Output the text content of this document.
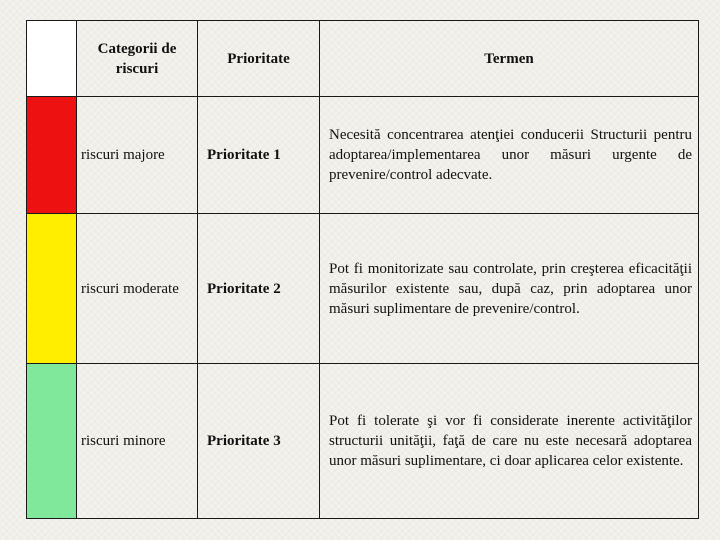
	Categorii de riscuri	Prioritate	Termen
	riscuri majore	Prioritate 1	Necesită concentrarea atenţiei conducerii Structurii pentru adoptarea/implementarea unor măsuri urgente de prevenire/control adecvate.
	riscuri moderate	Prioritate 2	Pot fi monitorizate sau controlate, prin creşterea eficacităţii măsurilor existente sau, după caz, prin adoptarea unor măsuri suplimentare de prevenire/control.
	riscuri minore	Prioritate 3	Pot fi tolerate şi vor fi considerate inerente activităţilor structurii unităţii, faţă de care nu este necesară adoptarea unor măsuri suplimentare, ci doar aplicarea celor existente.
